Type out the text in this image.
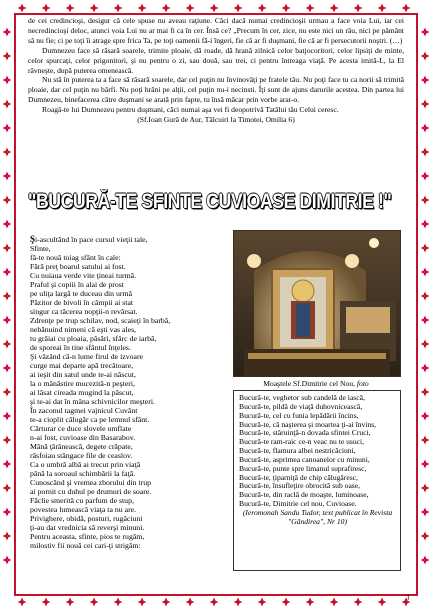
de cei credincioşi, desigur că cele spuse nu aveau raţiune. Căci dacă numai credincioşii urmau a face voia Lui, iar cei necredincioşi deloc, atunci voia Lui nu ar mai fi ca în cer. Însă ce? „Precum în cer, zice, nu este nici un rău, nici pe pământ să nu fie; ci pe toţi îi atrage spre frica Ta, pe toţi oamenii fă-i îngeri, fie că ar fi duşmani, fie că ar fi persecutorii noştri. (…)

Dumnezeu face să răsară soarele, trimite ploaie, dă roade, dă hrană zilnică celor batjocoritori, celor lipsiţi de minte, celor spurcaţi, celor prigonitori, şi nu pentru o zi, sau două, sau trei, ci pentru întreaga viaţă. Pe acesta imită-L, la El râvneşte, după puterea omenească.

Nu stă în puterea ta a face să răsară soarele, dar cel puţin nu învinovăţi pe fratele tău. Nu poţi face tu ca norii să trimită ploaie, dar cel puţin nu bârfi. Nu poţi hrăni pe alţii, cel puţin nu-i necinsti. Îţi sunt de ajuns darurile acestea. Din partea lui Dumnezeu, binefacerea către duşmani se arată prin fapte, tu însă măcar prin vorbe arat-o.

Roagă-te lui Dumnezeu pentru duşmani, căci numai aşa vei fi deopotrivă Tatălui tău Celui ceresc.

(Sf.Ioan Gură de Aur, Tâlcuiri la Timotei, Omilia 6)

"BUCURĂ-TE SFINTE CUVIOASE DIMITRIE !"
Şi-ascultând în pace cursul vieţii tale,
Sfinte,
fă-te nouă toiag sfânt în cale:
Fără preţ boarul satului ai fost.
Cu nuiaua verde vite ţineai turmă.
Praful şi copiii în alai de prost
pe uliţa largă te duceau din urmă
Păzitor de bivoli în câmpii ai stat
singur ca tăcerea nopţii-n revărsat.
Zdrenţe pe trup schilav, nod, scaieţi în barbă,
nebănuind nimeni că eşti vas ales,
tu grăiai cu ploaia, păsări, sfârc de iarbă,
de sporeai în tine sfântul înţeles.
Şi văzând că-n lume firul de izvoare
curge mai departe apă trecătoare,
ai ieşit din satul unde te-ai născut,
la o mănăstire mucezită-n peşteri,
ai lăsat cireada mugind la păscut,
şi te-ai dat în mâna schivnicilor meşteri.
În zaconul tagmei vajnicul Cuvânt
te-a cioplit călugăr ca pe lemnul sfânt.
Cărturar ce duce slovele umflate
n-ai fost, cuvioase din Basarabov.
Mână ţărănească, degete crăpate,
răsfoiau stângace file de ceaslov.
Ca o umbră albă ai trecut prin viaţă
până la soroaul schimbării la faţă.
Cunoscând şi vremea zborului din trup
ai pornit cu duhul pe drumuri de soare.
Făclie smerită cu parfum de stup,
povestea lumească viaţa ta nu are.
Privighere, obidă, posturi, rugăciuni
ţi-au dat vrednicia să reverşi minuni.
Pentru aceasta, sfinte, pios te rugăm,
milostiv fii nouă cei cari-ţi strigăm:
Moaştele Sf.Dimitrie cel Nou, foto
Bucură-te, veghetor sub candelă de iască,
Bucură-te, pildă de viaţă duhovnicească,
Bucură-te, cel cu funia lepădării încins,
Bucură-te, că naşterea şi moartea ţi-ai învins,
Bucură-te, stăruinţă-n dovada sfintei Cruci,
Bucură-te ram-raic ce-n veac nu te usuci,
Bucură-te, flamura albei nestricăciuni,
Bucură-te, asprimea canoanelor cu minuni,
Bucură-te, punte spre limanul suprafiresc,
Bucură-te, ţiparniţă de chip călugăresc,
Bucură-te, însufleţire obrocită sub oase,
Bucură-te, din raclă de moaşte, luminoase,
Bucură-te, Dimitrie cel nou, Cuvioase.
(Ieromonah Sandu Tudor, text publicat în Revista "Gândirea", Nr 10)
3
